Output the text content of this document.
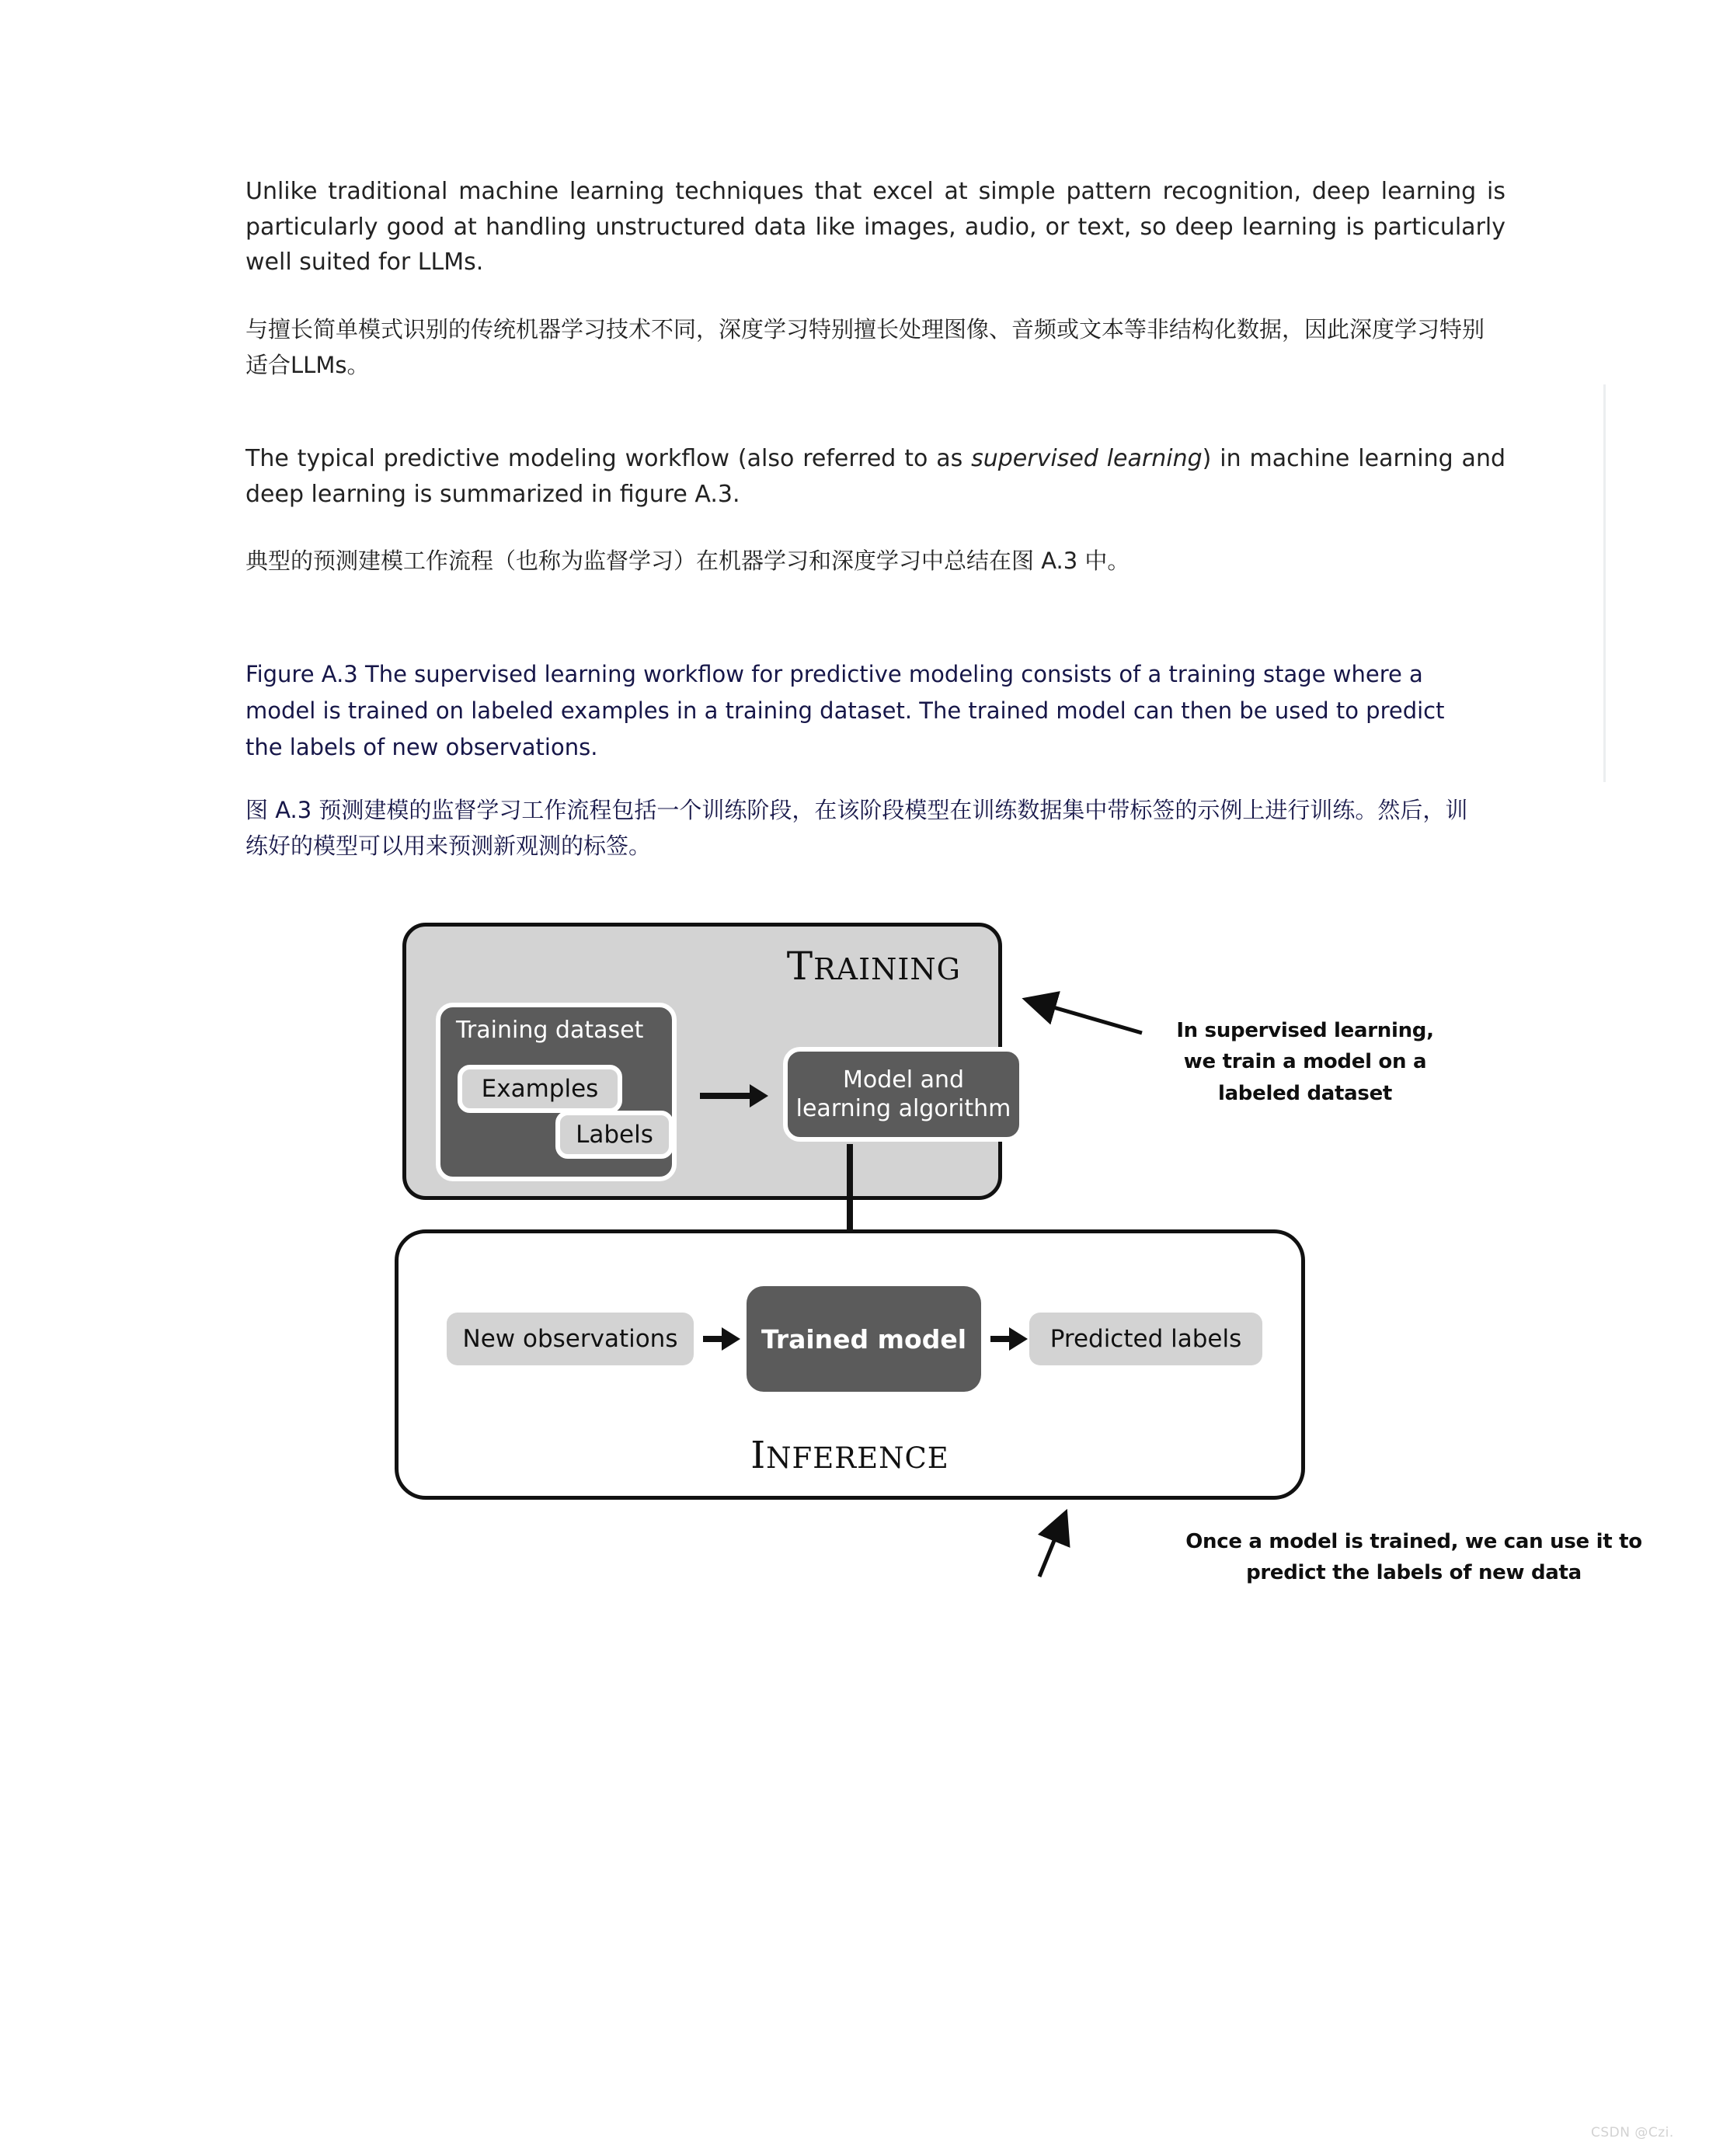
Unlike traditional machine learning techniques that excel at simple pattern recognition, deep learning is particularly good at handling unstructured data like images, audio, or text, so deep learning is particularly well suited for LLMs.

与擅长简单模式识别的传统机器学习技术不同，深度学习特别擅长处理图像、音频或文本等非结构化数据，因此深度学习特别适合LLMs。

The typical predictive modeling workflow (also referred to as supervised learning) in machine learning and deep learning is summarized in figure A.3.

典型的预测建模工作流程（也称为监督学习）在机器学习和深度学习中总结在图 A.3 中。

Figure A.3 The supervised learning workflow for predictive modeling consists of a training stage where a model is trained on labeled examples in a training dataset. The trained model can then be used to predict the labels of new observations.
图 A.3 预测建模的监督学习工作流程包括一个训练阶段，在该阶段模型在训练数据集中带标签的示例上进行训练。然后，训练好的模型可以用来预测新观测的标签。
TRAINING
Training dataset
Examples
Labels
Model and
learning algorithm
New observations	Trained model	Predicted labels
INFERENCE
In supervised learning, we train a model on a labeled dataset
Once a model is trained, we can use it to predict the labels of new data
CSDN @Czi.
